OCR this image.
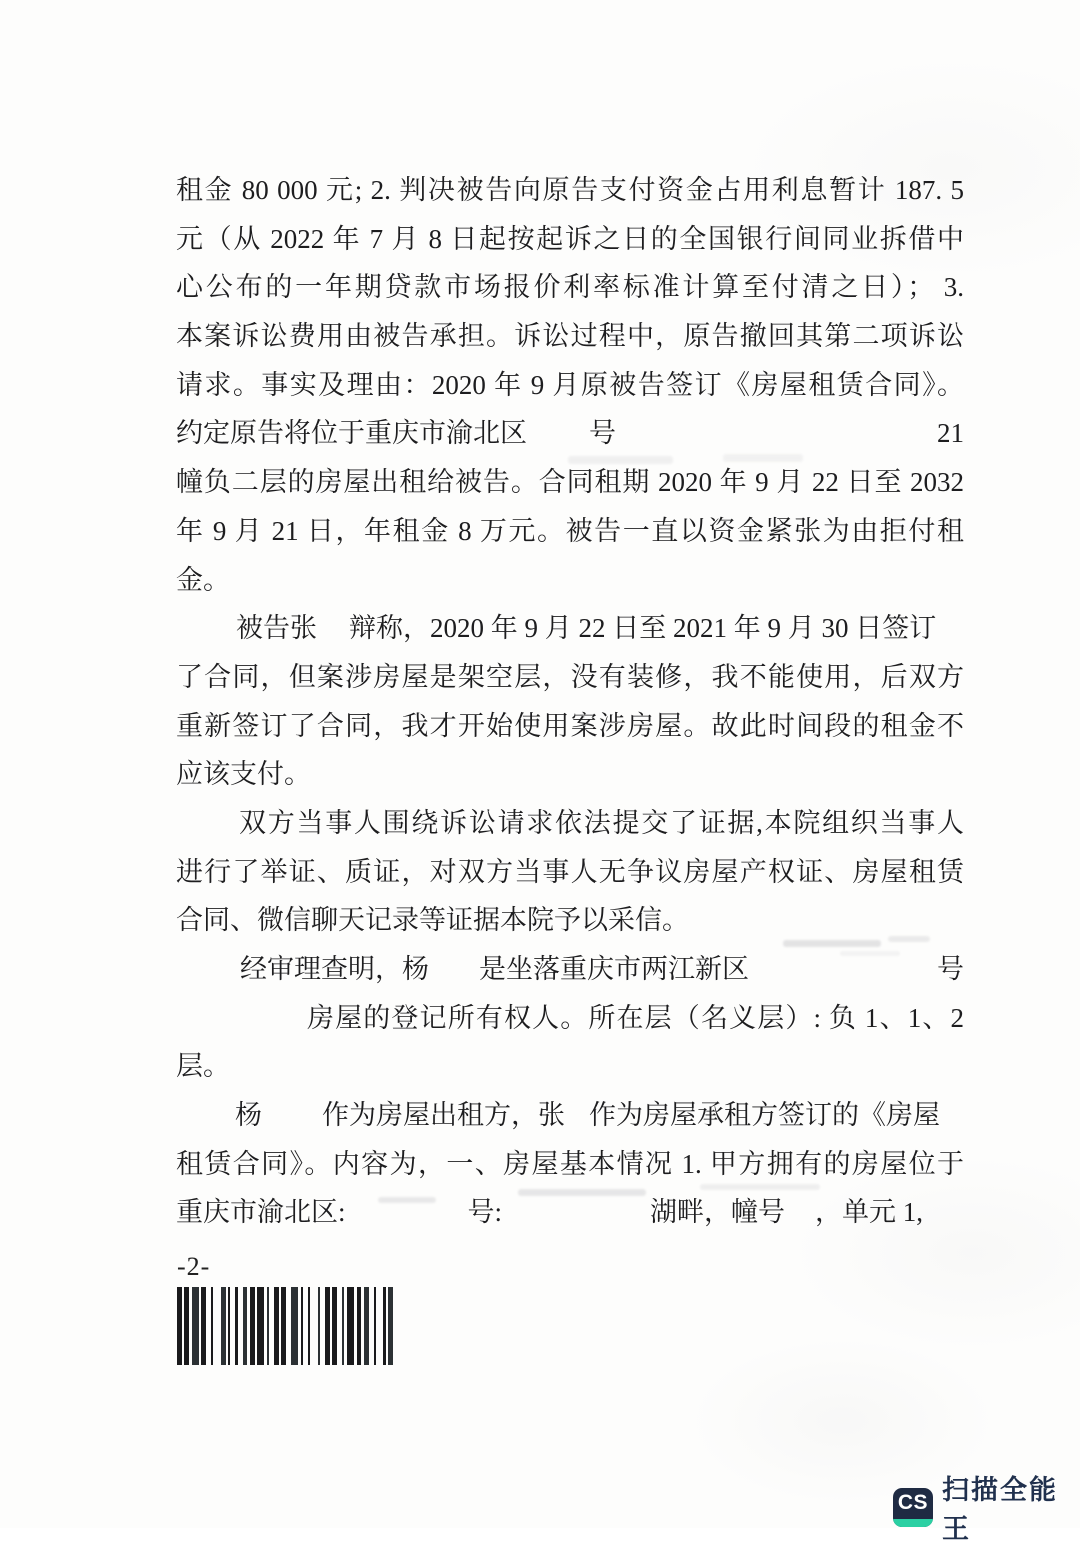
租金 80 000 元; 2. 判决被告向原告支付资金占用利息暂计 187. 5
元（从 2022 年 7 月 8 日起按起诉之日的全国银行间同业拆借中
心公布的一年期贷款市场报价利率标准计算至付清之日）； 3.
本案诉讼费用由被告承担。诉讼过程中，原告撤回其第二项诉讼
请求。事实及理由：2020 年 9 月原被告签订《房屋租赁合同》。
约定原告将位于重庆市渝北区 号	21
幢负二层的房屋出租给被告。合同租期 2020 年 9 月 22 日至 2032
年 9 月 21 日，年租金 8 万元。被告一直以资金紧张为由拒付租
金。
被告张 辩称，2020 年 9 月 22 日至 2021 年 9 月 30 日签订
了合同，但案涉房屋是架空层，没有装修，我不能使用，后双方
重新签订了合同，我才开始使用案涉房屋。故此时间段的租金不
应该支付。
双方当事人围绕诉讼请求依法提交了证据,本院组织当事人
进行了举证、质证，对双方当事人无争议房屋产权证、房屋租赁
合同、微信聊天记录等证据本院予以采信。
经审理查明，杨 是坐落重庆市两江新区	号
房屋的登记所有权人。所在层（名义层）: 负 1、1、2
层。
杨 作为房屋出租方，张 作为房屋承租方签订的《房屋
租赁合同》。内容为，一、房屋基本情况 1. 甲方拥有的房屋位于
重庆市渝北区:	号:	湖畔，幢号 ，单元 1,
-2-
CS 扫描全能王
